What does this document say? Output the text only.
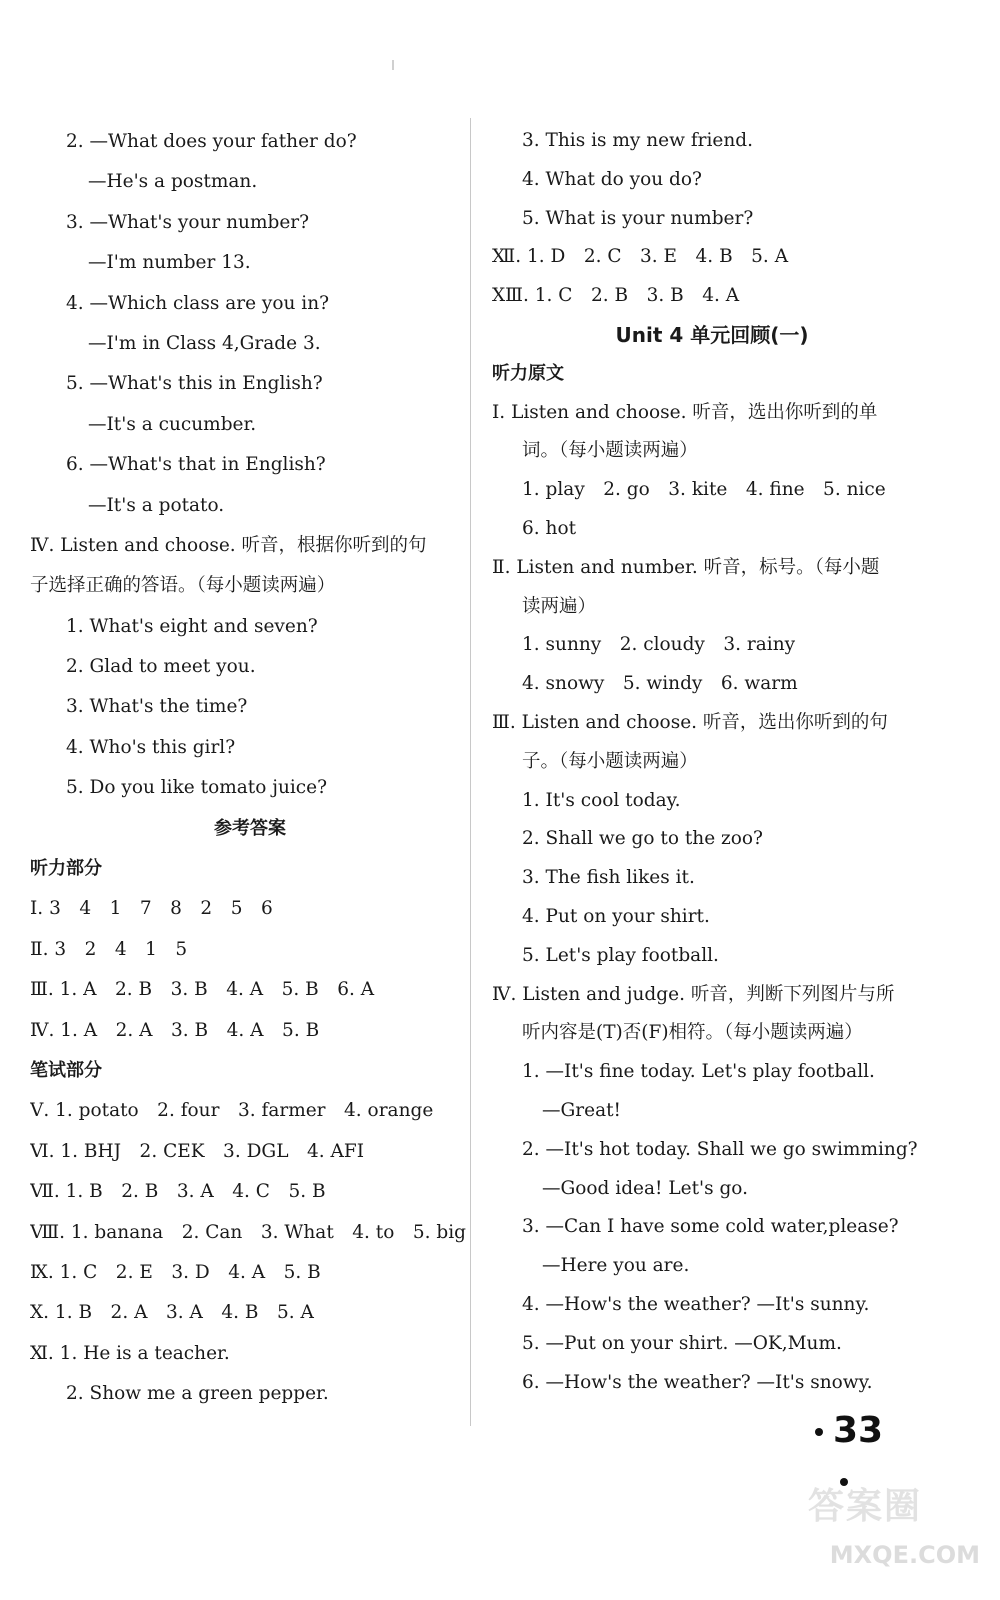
2. —What does your father do?
—He's a postman.
3. —What's your number?
—I'm number 13.
4. —Which class are you in?
—I'm in Class 4,Grade 3.
5. —What's this in English?
—It's a cucumber.
6. —What's that in English?
—It's a potato.
Ⅳ. Listen and choose. 听音，根据你听到的句
子选择正确的答语。（每小题读两遍）
1. What's eight and seven?
2. Glad to meet you.
3. What's the time?
4. Who's this girl?
5. Do you like tomato juice?
参考答案
听力部分
Ⅰ. 3　4　1　7　8　2　5　6
Ⅱ. 3　2　4　1　5
Ⅲ. 1. A　2. B　3. B　4. A　5. B　6. A
Ⅳ. 1. A　2. A　3. B　4. A　5. B
笔试部分
Ⅴ. 1. potato　2. four　3. farmer　4. orange
Ⅵ. 1. BHJ　2. CEK　3. DGL　4. AFI
Ⅶ. 1. B　2. B　3. A　4. C　5. B
Ⅷ. 1. banana　2. Can　3. What　4. to　5. big
Ⅸ. 1. C　2. E　3. D　4. A　5. B
Ⅹ. 1. B　2. A　3. A　4. B　5. A
Ⅺ. 1. He is a teacher.
2. Show me a green pepper.
3. This is my new friend.
4. What do you do?
5. What is your number?
Ⅻ. 1. D　2. C　3. E　4. B　5. A
ⅩⅢ. 1. C　2. B　3. B　4. A
Unit 4 单元回顾(一)
听力原文
Ⅰ. Listen and choose. 听音，选出你听到的单
词。（每小题读两遍）
1. play　2. go　3. kite　4. fine　5. nice
6. hot
Ⅱ. Listen and number. 听音，标号。（每小题
读两遍）
1. sunny　2. cloudy　3. rainy
4. snowy　5. windy　6. warm
Ⅲ. Listen and choose. 听音，选出你听到的句
子。（每小题读两遍）
1. It's cool today.
2. Shall we go to the zoo?
3. The fish likes it.
4. Put on your shirt.
5. Let's play football.
Ⅳ. Listen and judge. 听音，判断下列图片与所
听内容是(T)否(F)相符。（每小题读两遍）
1. —It's fine today. Let's play football.
—Great!
2. —It's hot today. Shall we go swimming?
—Good idea! Let's go.
3. —Can I have some cold water,please?
—Here you are.
4. —How's the weather? —It's sunny.
5. —Put on your shirt. —OK,Mum.
6. —How's the weather? —It's snowy.
33
答案圈
MXQE.COM
